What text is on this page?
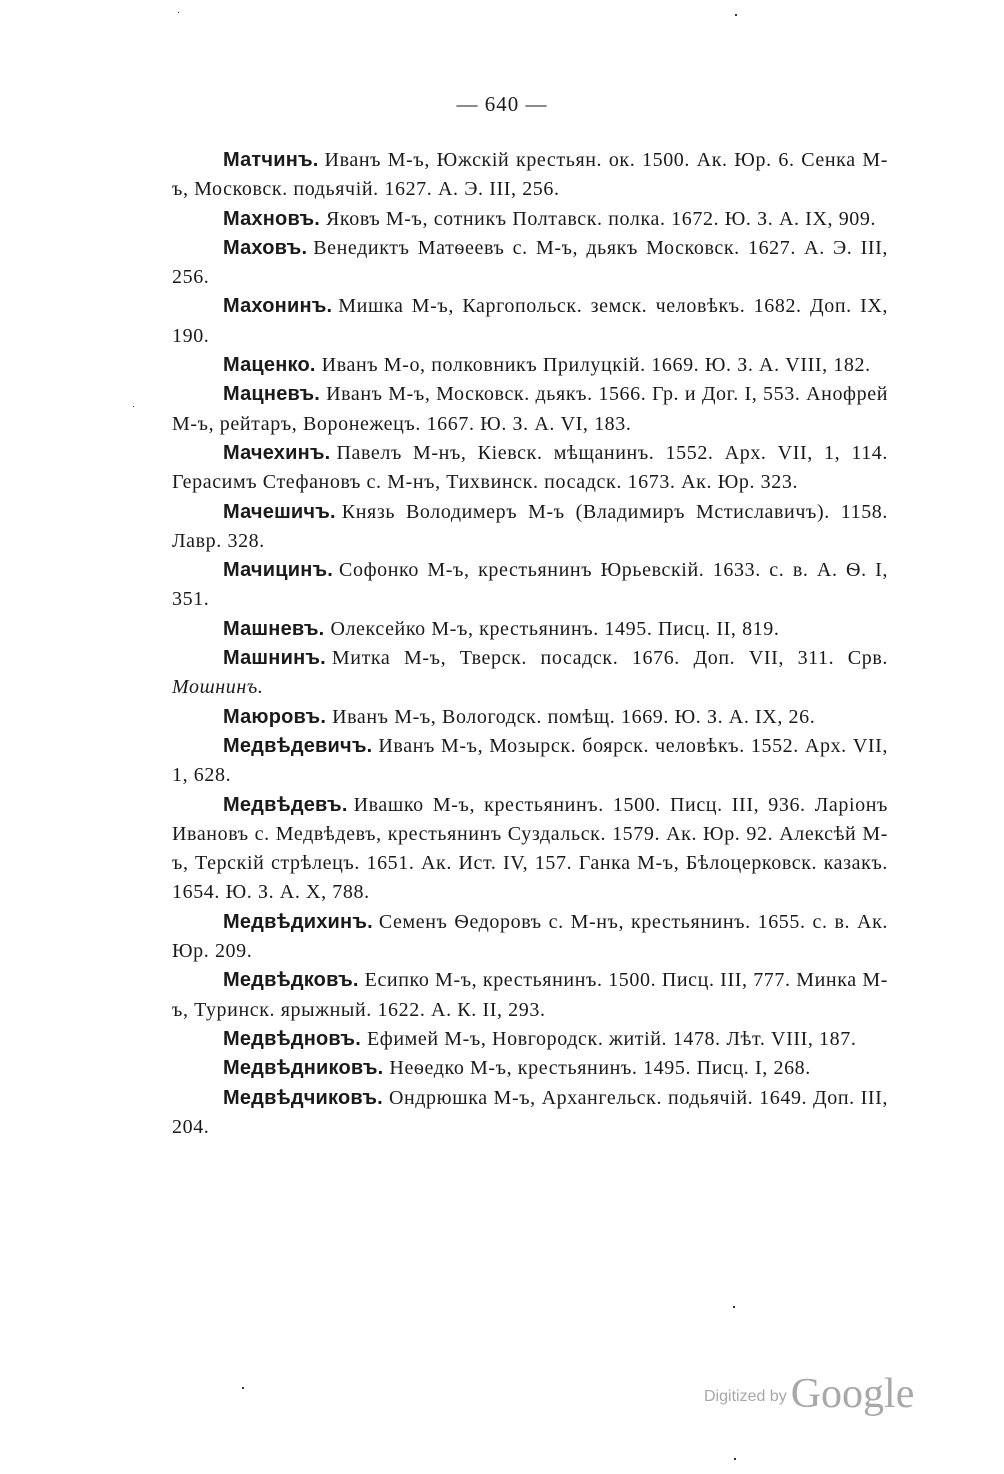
— 640 —

Матчинъ. Иванъ М-ъ, Южскій крестьян. ок. 1500. Ак. Юр. 6. Сенка М-ъ, Московск. подьячій. 1627. А. Э. III, 256.

Махновъ. Яковъ М-ъ, сотникъ Полтавск. полка. 1672. Ю. З. А. IX, 909.

Маховъ. Венедиктъ Матѳеевъ с. М-ъ, дьякъ Московск. 1627. А. Э. III, 256.

Махонинъ. Мишка М-ъ, Каргопольск. земск. человѣкъ. 1682. Доп. IX, 190.

Маценко. Иванъ М-о, полковникъ Прилуцкій. 1669. Ю. З. А. VIII, 182.

Мацневъ. Иванъ М-ъ, Московск. дьякъ. 1566. Гр. и Дог. I, 553. Анофрей М-ъ, рейтаръ, Воронежецъ. 1667. Ю. З. А. VI, 183.

Мачехинъ. Павелъ М-нъ, Кіевск. мѣщанинъ. 1552. Арх. VII, 1, 114. Герасимъ Стефановъ с. М-нъ, Тихвинск. посадск. 1673. Ак. Юр. 323.

Мачешичъ. Князь Володимеръ М-ъ (Владимиръ Мстиславичъ). 1158. Лавр. 328.

Мачицинъ. Софонко М-ъ, крестьянинъ Юрьевскій. 1633. с. в. А. Ѳ. I, 351.

Машневъ. Олексейко М-ъ, крестьянинъ. 1495. Писц. II, 819.

Машнинъ. Митка М-ъ, Тверск. посадск. 1676. Доп. VII, 311. Срв. Мошнинъ.

Маюровъ. Иванъ М-ъ, Вологодск. помѣщ. 1669. Ю. З. А. IX, 26.

Медвѣдевичъ. Иванъ М-ъ, Мозырск. боярск. человѣкъ. 1552. Арх. VII, 1, 628.

Медвѣдевъ. Ивашко М-ъ, крестьянинъ. 1500. Писц. III, 936. Ларіонъ Ивановъ с. Медвѣдевъ, крестьянинъ Суздальск. 1579. Ак. Юр. 92. Алексѣй М-ъ, Терскій стрѣлецъ. 1651. Ак. Ист. IV, 157. Ганка М-ъ, Бѣлоцерковск. казакъ. 1654. Ю. З. А. X, 788.

Медвѣдихинъ. Семенъ Ѳедоровъ с. М-нъ, крестьянинъ. 1655. с. в. Ак. Юр. 209.

Медвѣдковъ. Есипко М-ъ, крестьянинъ. 1500. Писц. III, 777. Минка М-ъ, Туринск. ярыжный. 1622. А. К. II, 293.

Медвѣдновъ. Ефимей М-ъ, Новгородск. житій. 1478. Лѣт. VIII, 187.

Медвѣдниковъ. Неѳедко М-ъ, крестьянинъ. 1495. Писц. I, 268.

Медвѣдчиковъ. Ондрюшка М-ъ, Архангельск. подьячій. 1649. Доп. III, 204.

Digitized byGoogle
